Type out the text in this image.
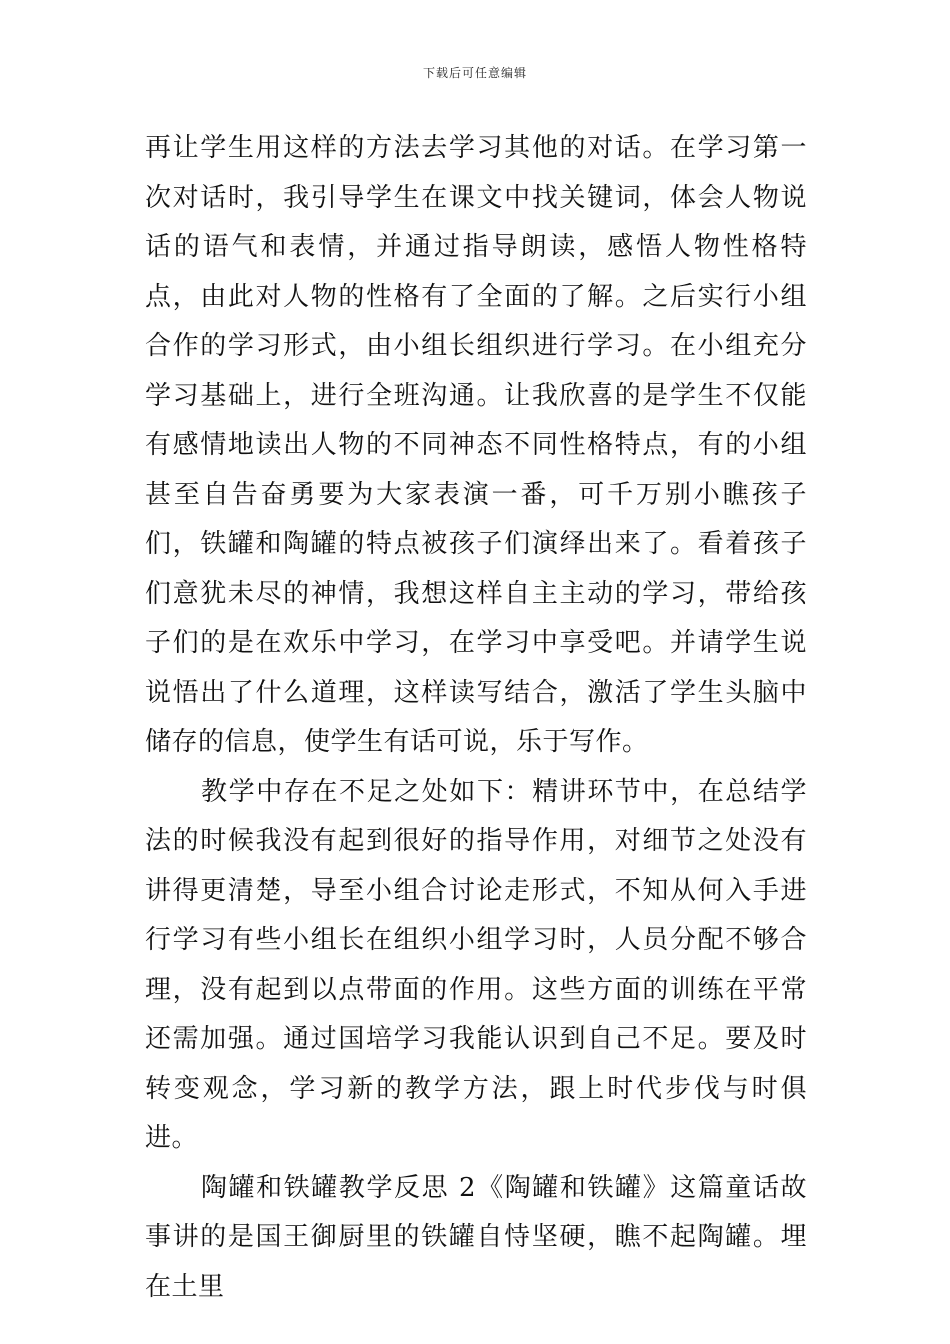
下载后可任意编辑

再让学生用这样的方法去学习其他的对话。在学习第一次对话时，我引导学生在课文中找关键词，体会人物说话的语气和表情，并通过指导朗读，感悟人物性格特点，由此对人物的性格有了全面的了解。之后实行小组合作的学习形式，由小组长组织进行学习。在小组充分学习基础上，进行全班沟通。让我欣喜的是学生不仅能有感情地读出人物的不同神态不同性格特点，有的小组甚至自告奋勇要为大家表演一番，可千万别小瞧孩子们，铁罐和陶罐的特点被孩子们演绎出来了。看着孩子们意犹未尽的神情，我想这样自主主动的学习，带给孩子们的是在欢乐中学习，在学习中享受吧。并请学生说说悟出了什么道理，这样读写结合，激活了学生头脑中储存的信息，使学生有话可说，乐于写作。

教学中存在不足之处如下：精讲环节中，在总结学法的时候我没有起到很好的指导作用，对细节之处没有讲得更清楚，导至小组合讨论走形式，不知从何入手进行学习有些小组长在组织小组学习时，人员分配不够合理，没有起到以点带面的作用。这些方面的训练在平常还需加强。通过国培学习我能认识到自己不足。要及时转变观念，学习新的教学方法，跟上时代步伐与时俱进。

陶罐和铁罐教学反思 2《陶罐和铁罐》这篇童话故事讲的是国王御厨里的铁罐自恃坚硬，瞧不起陶罐。埋在土里
